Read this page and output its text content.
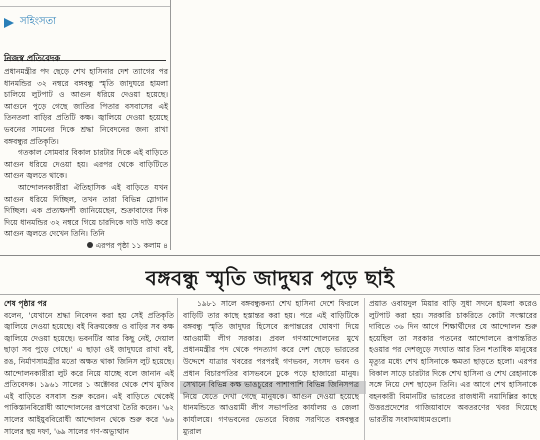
সহিংসতা
নিজস্ব প্রতিবেদক

প্রধানমন্ত্রীর পদ ছেড়ে শেখ হাসিনার দেশ ত্যাগের পর ধানমন্ডির ৩২ নম্বরে বঙ্গবন্ধু স্মৃতি জাদুঘরে হামলা চালিয়ে লুটপাট ও আগুন ধরিয়ে দেওয়া হয়েছে। আগুনে পুড়ে গেছে জাতির পিতার বসবাসের এই তিনতলা বাড়ির প্রতিটি কক্ষ। জ্বালিয়ে দেওয়া হয়েছে ভবনের সামনের দিকে শ্রদ্ধা নিবেদনের জন্য রাখা বঙ্গবন্ধুর প্রতিকৃতি।

গতকাল সোমবার বিকাল চারটার দিকে এই বাড়িতে আগুন ধরিয়ে দেওয়া হয়। এরপর থেকে বাড়িটিতে আগুন জ্বলতে থাকে।

আন্দোলনকারীরা ঐতিহাসিক এই বাড়িতে যখন আগুন ধরিয়ে দিচ্ছিল, তখন তারা বিভিন্ন স্লোগান দিচ্ছিল। এক প্রত্যক্ষদর্শী জানিয়েছেন, শুক্রাবাদের দিক দিয়ে ধানমন্ডির ৩২ নম্বরে গিয়ে চারদিকে দাউ দাউ করে আগুন জ্বলতে দেখেন তিনি। তিনি

এরপর পৃষ্ঠা ১১ কলাম ৪
বঙ্গবন্ধু স্মৃতি জাদুঘর পুড়ে ছাই

শেষ পৃষ্ঠার পর

বলেন, 'যেখানে শ্রদ্ধা নিবেদন করা হয় সেই প্রতিকৃতি জ্বালিয়ে দেওয়া হয়েছে। বই বিক্রয়কেন্দ্র ও বাড়ির সব কক্ষ জ্বালিয়ে দেওয়া হয়েছে। ভবনটির আর কিছু নেই, দেয়াল ছাড়া সব পুড়ে গেছে।' এ ছাড়া ওই জাদুঘরে রাখা বই, রঙ, নির্মাণসামগ্রীর মতো অক্ষত থাকা জিনিস লুট হয়েছে। আন্দোলনকারীরা লুট করে নিয়ে যাচ্ছে বলে জানান এই প্রতিবেদক। ১৯৬১ সালের ১ অক্টোবর থেকে শেখ মুজিব এই বাড়িতে বসবাস শুরু করেন। এই বাড়িতে থেকেই পাকিস্তানবিরোধী আন্দোলনের রূপরেখা তৈরি করেন। '৬২ সালের আইয়ুববিরোধী আন্দোলন থেকে শুরু করে '৬৬ সালের ছয় দফা, '৬৯ সালের গণ-অভ্যুত্থান

১৯৮১ সালে বঙ্গবন্ধুকন্যা শেখ হাসিনা দেশে ফিরলে বাড়িটি তার কাছে হস্তান্তর করা হয়। পরে এই বাড়িটিকে বঙ্গবন্ধু স্মৃতি জাদুঘর হিসেবে রূপান্তরের ঘোষণা দিয়ে আওয়ামী লীগ সরকার। প্রবল গণআন্দোলনের মুখে প্রধানমন্ত্রীর পদ থেকে পদত্যাগ করে দেশ ছেড়ে ভারতের উদ্দেশে যাত্রার খবরের পরপরই গণভবন, সংসদ ভবন ও প্রধান বিচারপতির বাসভবনে ঢুকে পড়ে হাজারো মানুষ। সেখানে বিভিন্ন কক্ষ ভাঙচুরের পাশাপাশি বিভিন্ন জিনিসপত্র নিয়ে যেতে দেখা গেছে মানুষকে। আগুন দেওয়া হয়েছে ধানমন্ডিতে আওয়ামী লীগ সভাপতির কার্যালয় ও জেলা কার্যালয়ে। গণভবনের ভেতরে বিজয় সরণিতে বঙ্গবন্ধুর ম্যুরাল

প্রয়াত ওবায়দুল মিয়ার বাড়ি সুধা সদনে হামলা করেও লুটপাট করা হয়। সরকারি চাকরিতে কোটা সংস্কারের দাবিতে ৩৬ দিন আগে শিক্ষার্থীদের যে আন্দোলন শুরু হয়েছিল তা সরকার পতনের আন্দোলনে রূপান্তরিত হওয়ার পর দেশজুড়ে সংঘাত আর তিন শতাধিক মানুষের মৃত্যুর মধ্যে শেখ হাসিনাকে ক্ষমতা ছাড়তে হলো। এরপর বিকাল সাড়ে চারটার দিকে শেখ হাসিনা ও শেখ রেহানাকে সঙ্গে নিয়ে দেশ ছাড়েন তিনি। এর আগে শেখ হাসিনাকে বহনকারী বিমানটির ভারতের রাজধানী নয়াদিল্লির কাছে উত্তরপ্রদেশের গাজিয়াবাদে অবতরণের খবর দিয়েছে ভারতীয় সংবাদমাধ্যমগুলো।
